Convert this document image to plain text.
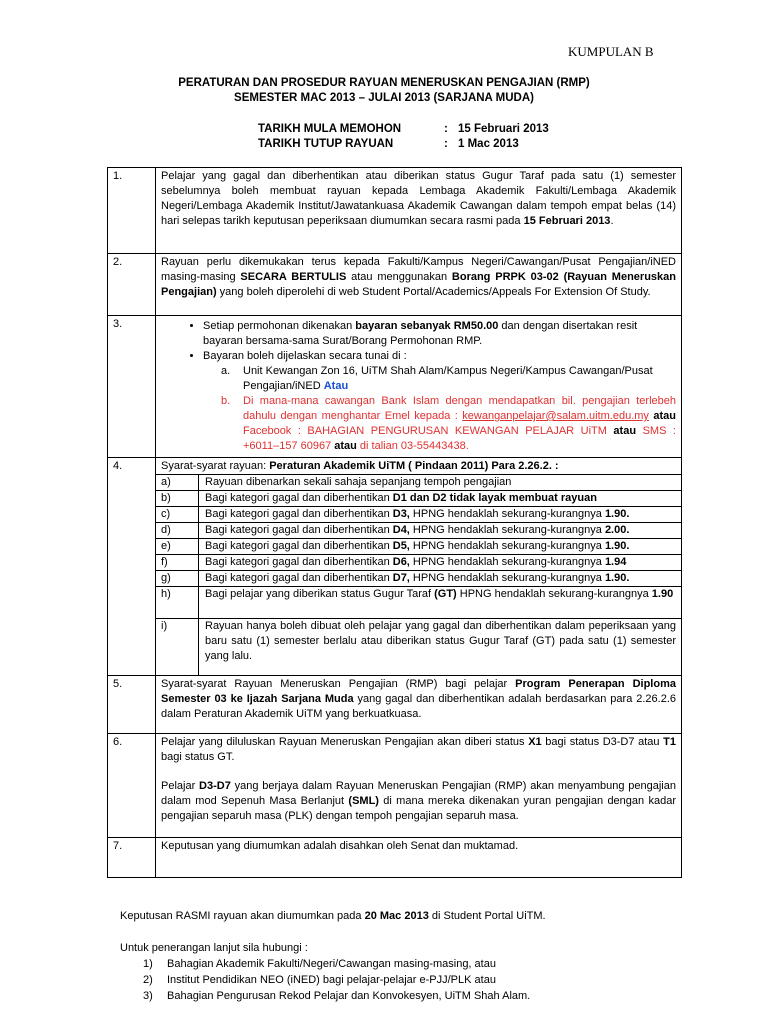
KUMPULAN B
PERATURAN DAN PROSEDUR RAYUAN MENERUSKAN PENGAJIAN (RMP)
SEMESTER MAC 2013 – JULAI 2013 (SARJANA MUDA)
TARIKH MULA MEMOHON	: 15 Februari 2013
TARIKH TUTUP RAYUAN	: 1 Mac 2013
1.	Pelajar yang gagal dan diberhentikan atau diberikan status Gugur Taraf pada satu (1) semester sebelumnya boleh membuat rayuan kepada Lembaga Akademik Fakulti/Lembaga Akademik Negeri/Lembaga Akademik Institut/Jawatankuasa Akademik Cawangan dalam tempoh empat belas (14) hari selepas tarikh keputusan peperiksaan diumumkan secara rasmi pada 15 Februari 2013.
2.	Rayuan perlu dikemukakan terus kepada Fakulti/Kampus Negeri/Cawangan/Pusat Pengajian/iNED masing-masing SECARA BERTULIS atau menggunakan Borang PRPK 03-02 (Rayuan Meneruskan Pengajian) yang boleh diperolehi di web Student Portal/Academics/Appeals For Extension Of Study.
3.	
•Setiap permohonan dikenakan bayaran sebanyak RM50.00 dan dengan disertakan resit bayaran bersama-sama Surat/Borang Permohonan RMP.
• Bayaran boleh dijelaskan secara tunai di :
a. Unit Kewangan Zon 16, UiTM Shah Alam/Kampus Negeri/Kampus Cawangan/Pusat Pengajian/iNED Atau
b. Di mana-mana cawangan Bank Islam dengan mendapatkan bil. pengajian terlebeh dahulu dengan menghantar Emel kepada : kewanganpelajar@salam.uitm.edu.my atau Facebook : BAHAGIAN PENGURUSAN KEWANGAN PELAJAR UiTM atau SMS : +6011–157 60967 atau di talian 03-55443438.

4.	Syarat-syarat rayuan: Peraturan Akademik UiTM ( Pindaan 2011) Para 2.26.2. :
a)	Rayuan dibenarkan sekali sahaja sepanjang tempoh pengajian
b)	Bagi kategori gagal dan diberhentikan D1 dan D2 tidak layak membuat rayuan
c)	Bagi kategori gagal dan diberhentikan D3, HPNG hendaklah sekurang-kurangnya 1.90.
d)	Bagi kategori gagal dan diberhentikan D4, HPNG hendaklah sekurang-kurangnya 2.00.
e)	Bagi kategori gagal dan diberhentikan D5, HPNG hendaklah sekurang-kurangnya 1.90.
f)	Bagi kategori gagal dan diberhentikan D6, HPNG hendaklah sekurang-kurangnya 1.94
g)	Bagi kategori gagal dan diberhentikan D7, HPNG hendaklah sekurang-kurangnya 1.90.
h)	Bagi pelajar yang diberikan status Gugur Taraf (GT) HPNG hendaklah sekurang-kurangnya 1.90
i)	Rayuan hanya boleh dibuat oleh pelajar yang gagal dan diberhentikan dalam peperiksaan yang baru satu (1) semester berlalu atau diberikan status Gugur Taraf (GT) pada satu (1) semester yang lalu.

5.	Syarat-syarat Rayuan Meneruskan Pengajian (RMP) bagi pelajar Program Penerapan Diploma Semester 03 ke Ijazah Sarjana Muda yang gagal dan diberhentikan adalah berdasarkan para 2.26.2.6 dalam Peraturan Akademik UiTM yang berkuatkuasa.
6.	Pelajar yang diluluskan Rayuan Meneruskan Pengajian akan diberi status X1 bagi status D3-D7 atau T1 bagi status GT.
Pelajar D3-D7 yang berjaya dalam Rayuan Meneruskan Pengajian (RMP) akan menyambung pengajian dalam mod Sepenuh Masa Berlanjut (SML) di mana mereka dikenakan yuran pengajian dengan kadar pengajian separuh masa (PLK) dengan tempoh pengajian separuh masa.

7.	Keputusan yang diumumkan adalah disahkan oleh Senat dan muktamad.
Keputusan RASMI rayuan akan diumumkan pada 20 Mac 2013 di Student Portal UiTM.
Untuk penerangan lanjut sila hubungi :
1) Bahagian Akademik Fakulti/Negeri/Cawangan masing-masing, atau
2) Institut Pendidikan NEO (iNED) bagi pelajar-pelajar e-PJJ/PLK atau
3) Bahagian Pengurusan Rekod Pelajar dan Konvokesyen, UiTM Shah Alam.
